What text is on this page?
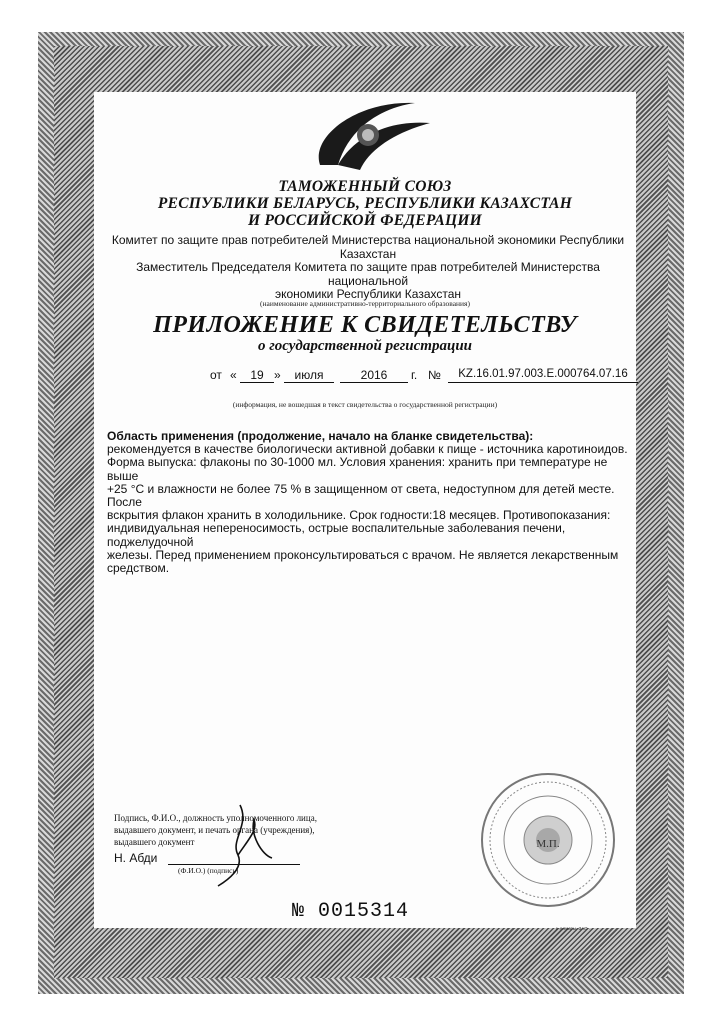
ТАМОЖЕННЫЙ СОЮЗ
РЕСПУБЛИКИ БЕЛАРУСЬ, РЕСПУБЛИКИ КАЗАХСТАН
И РОССИЙСКОЙ ФЕДЕРАЦИИ
Комитет по защите прав потребителей Министерства национальной экономики Республики
Казахстан
Заместитель Председателя Комитета по защите прав потребителей Министерства национальной
экономики Республики Казахстан
(наименование административно-территориального образования)
ПРИЛОЖЕНИЕ К СВИДЕТЕЛЬСТВУ
о государственной регистрации
от «	19 »	июля	2016	г. №	KZ.16.01.97.003.E.000764.07.16
(информация, не вошедшая в текст свидетельства о государственной регистрации)
Область применения (продолжение, начало на бланке свидетельства):
рекомендуется в качестве биологически активной добавки к пище - источника каротиноидов.
Форма выпуска: флаконы по 30-1000 мл. Условия хранения: хранить при температуре не выше
+25 °С и влажности не более 75 % в защищенном от света, недоступном для детей месте. После
вскрытия флакон хранить в холодильнике. Срок годности:18 месяцев. Противопоказания:
индивидуальная непереносимость, острые воспалительные заболевания печени, поджелудочной
железы. Перед применением проконсультироваться с врачом. Не является лекарственным
средством.
Подпись, Ф.И.О., должность уполномоченного лица,
выдавшего документ, и печать органа (учреждения),
выдавшего документ
Н. Абди
(Ф.И.О.) (подпись)
М.П.
№ 0015314
г. Алматы, ЗАО ...
